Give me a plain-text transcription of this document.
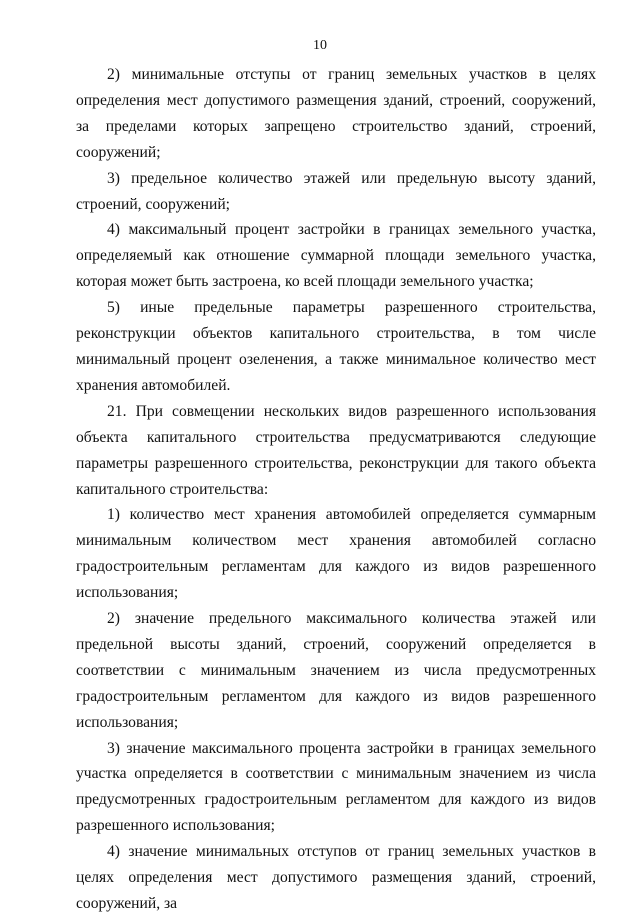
10

2) минимальные отступы от границ земельных участков в целях определения мест допустимого размещения зданий, строений, сооружений, за пределами которых запрещено строительство зданий, строений, сооружений;

3) предельное количество этажей или предельную высоту зданий, строений, сооружений;

4) максимальный процент застройки в границах земельного участка, определяемый как отношение суммарной площади земельного участка, которая может быть застроена, ко всей площади земельного участка;

5) иные предельные параметры разрешенного строительства, реконструкции объектов капитального строительства, в том числе минимальный процент озеленения, а также минимальное количество мест хранения автомобилей.

21. При совмещении нескольких видов разрешенного использования объекта капитального строительства предусматриваются следующие параметры разрешенного строительства, реконструкции для такого объекта капитального строительства:

1) количество мест хранения автомобилей определяется суммарным минимальным количеством мест хранения автомобилей согласно градостроительным регламентам для каждого из видов разрешенного использования;

2) значение предельного максимального количества этажей или предельной высоты зданий, строений, сооружений определяется в соответствии с минимальным значением из числа предусмотренных градостроительным регламентом для каждого из видов разрешенного использования;

3) значение максимального процента застройки в границах земельного участка определяется в соответствии с минимальным значением из числа предусмотренных градостроительным регламентом для каждого из видов разрешенного использования;

4) значение минимальных отступов от границ земельных участков в целях определения мест допустимого размещения зданий, строений, сооружений, за
